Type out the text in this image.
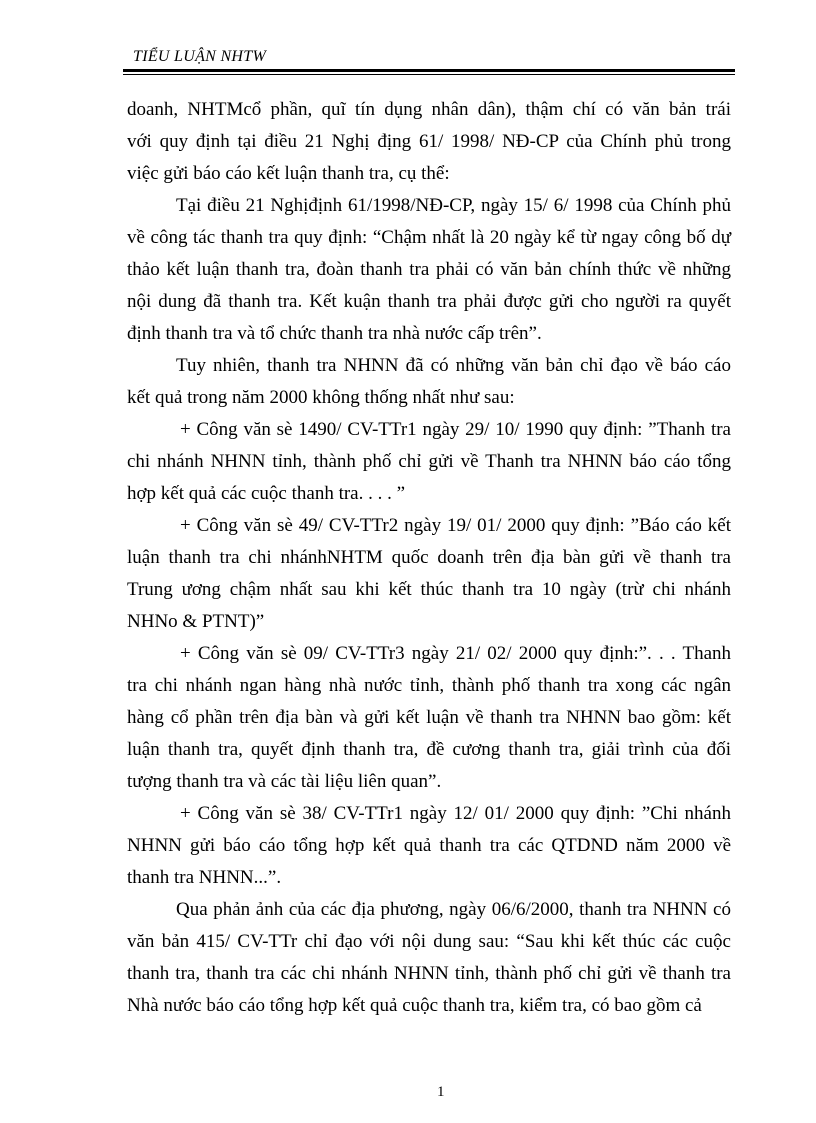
TIỂU LUẬN NHTW
doanh, NHTMcổ phần, quĩ tín dụng nhân dân), thậm chí có văn bản trái
với quy định tại điều 21 Nghị địng 61/ 1998/ NĐ-CP của Chính phủ trong
việc gửi báo cáo kết luận thanh tra, cụ thể:
Tại điều 21 Nghịđịnh 61/1998/NĐ-CP, ngày 15/ 6/ 1998 của Chính phủ
về công tác thanh tra quy định: “Chậm nhất là 20 ngày kể từ ngay công bố dự
thảo kết luận thanh tra, đoàn thanh tra phải có văn bản chính thức về những
nội dung đã thanh tra. Kết kuận thanh tra phải được gửi cho người ra quyết
định thanh tra và tổ chức thanh tra nhà nước cấp trên”.
Tuy nhiên, thanh tra NHNN đã có những văn bản chỉ đạo về báo cáo
kết quả trong năm 2000 không thống nhất như sau:
+ Công văn sè 1490/ CV-TTr1 ngày 29/ 10/ 1990 quy định: ”Thanh tra
chi nhánh NHNN tỉnh, thành phố chỉ gửi về Thanh tra NHNN báo cáo tổng
hợp kết quả các cuộc thanh tra. . . . ”
+ Công văn sè 49/ CV-TTr2 ngày 19/ 01/ 2000 quy định: ”Báo cáo kết
luận thanh tra chi nhánhNHTM quốc doanh trên địa bàn gửi về thanh tra
Trung ương chậm nhất sau khi kết thúc thanh tra 10 ngày (trừ chi nhánh
NHNo & PTNT)”
+ Công văn sè 09/ CV-TTr3 ngày 21/ 02/ 2000 quy định:”. . . Thanh
tra chi nhánh ngan hàng nhà nước tỉnh, thành phố thanh tra xong các ngân
hàng cổ phần trên địa bàn và gửi kết luận về thanh tra NHNN bao gồm: kết
luận thanh tra, quyết định thanh tra, đề cương thanh tra, giải trình của đối
tượng thanh tra và các tài liệu liên quan”.
+ Công văn sè 38/ CV-TTr1 ngày 12/ 01/ 2000 quy định: ”Chi nhánh
NHNN gửi báo cáo tổng hợp kết quả thanh tra các QTDND năm 2000 về
thanh tra NHNN...”.
Qua phản ảnh của các địa phương, ngày 06/6/2000, thanh tra NHNN có
văn bản 415/ CV-TTr chỉ đạo với nội dung sau: “Sau khi kết thúc các cuộc
thanh tra, thanh tra các chi nhánh NHNN tỉnh, thành phố chỉ gửi về thanh tra
Nhà nước báo cáo tổng hợp kết quả cuộc thanh tra, kiểm tra, có bao gồm cả
1
